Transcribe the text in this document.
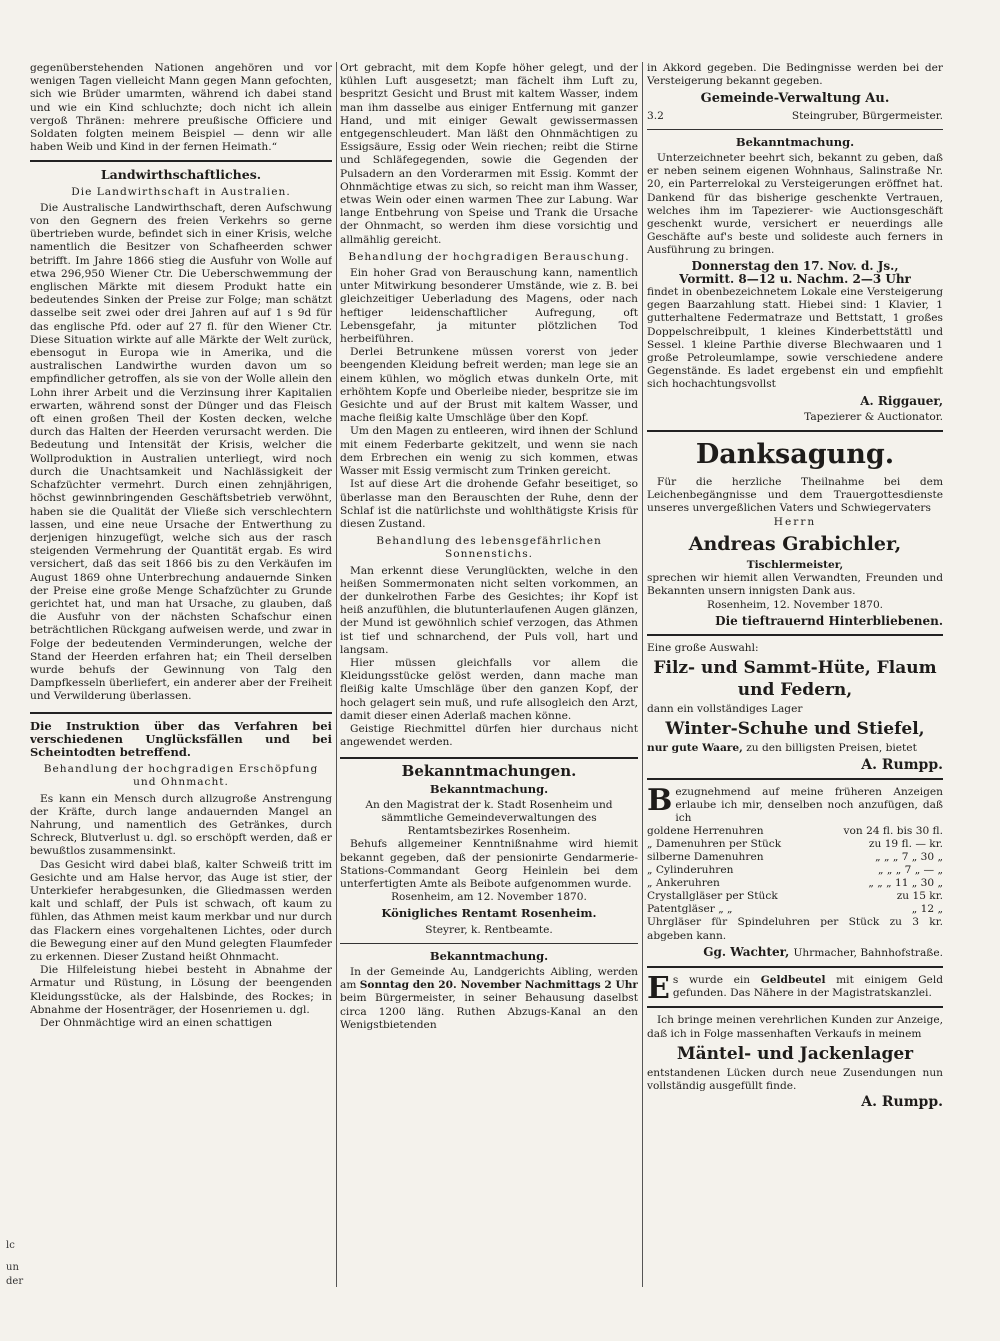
lc
un
der

gegenüberstehenden Nationen angehören und vor wenigen Tagen vielleicht Mann gegen Mann gefochten, sich wie Brüder umarmten, während ich dabei stand und wie ein Kind schluchzte; doch nicht ich allein vergoß Thränen: mehrere preußische Officiere und Soldaten folgten meinem Beispiel — denn wir alle haben Weib und Kind in der fernen Heimath.“

Landwirthschaftliches.
Die Landwirthschaft in Australien.

Die Australische Landwirthschaft, deren Aufschwung von den Gegnern des freien Verkehrs so gerne übertrieben wurde, befindet sich in einer Krisis, welche namentlich die Besitzer von Schafheerden schwer betrifft. Im Jahre 1866 stieg die Ausfuhr von Wolle auf etwa 296,950 Wiener Ctr. Die Ueberschwemmung der englischen Märkte mit diesem Produkt hatte ein bedeutendes Sinken der Preise zur Folge; man schätzt dasselbe seit zwei oder drei Jahren auf auf 1 s 9d für das englische Pfd. oder auf 27 fl. für den Wiener Ctr. Diese Situation wirkte auf alle Märkte der Welt zurück, ebensogut in Europa wie in Amerika, und die australischen Landwirthe wurden davon um so empfindlicher getroffen, als sie von der Wolle allein den Lohn ihrer Arbeit und die Verzinsung ihrer Kapitalien erwarten, während sonst der Dünger und das Fleisch oft einen großen Theil der Kosten decken, welche durch das Halten der Heerden verursacht werden. Die Bedeutung und Intensität der Krisis, welcher die Wollproduktion in Australien unterliegt, wird noch durch die Unachtsamkeit und Nachlässigkeit der Schafzüchter vermehrt. Durch einen zehnjährigen, höchst gewinnbringenden Geschäftsbetrieb verwöhnt, haben sie die Qualität der Vließe sich verschlechtern lassen, und eine neue Ursache der Entwerthung zu derjenigen hinzugefügt, welche sich aus der rasch steigenden Vermehrung der Quantität ergab. Es wird versichert, daß das seit 1866 bis zu den Verkäufen im August 1869 ohne Unterbrechung andauernde Sinken der Preise eine große Menge Schafzüchter zu Grunde gerichtet hat, und man hat Ursache, zu glauben, daß die Ausfuhr von der nächsten Schafschur einen beträchtlichen Rückgang aufweisen werde, und zwar in Folge der bedeutenden Verminderungen, welche der Stand der Heerden erfahren hat; ein Theil derselben wurde behufs der Gewinnung von Talg den Dampfkesseln überliefert, ein anderer aber der Freiheit und Verwilderung überlassen.

Die Instruktion über das Verfahren bei verschiedenen Unglücksfällen und bei Scheintodten betreffend.
Behandlung der hochgradigen Erschöpfung und Ohnmacht.

Es kann ein Mensch durch allzugroße Anstrengung der Kräfte, durch lange andauernden Mangel an Nahrung, und namentlich des Getränkes, durch Schreck, Blutverlust u. dgl. so erschöpft werden, daß er bewußtlos zusammensinkt.

Das Gesicht wird dabei blaß, kalter Schweiß tritt im Gesichte und am Halse hervor, das Auge ist stier, der Unterkiefer herabgesunken, die Gliedmassen werden kalt und schlaff, der Puls ist schwach, oft kaum zu fühlen, das Athmen meist kaum merkbar und nur durch das Flackern eines vorgehaltenen Lichtes, oder durch die Bewegung einer auf den Mund gelegten Flaumfeder zu erkennen. Dieser Zustand heißt Ohnmacht.

Die Hilfeleistung hiebei besteht in Abnahme der Armatur und Rüstung, in Lösung der beengenden Kleidungsstücke, als der Halsbinde, des Rockes; in Abnahme der Hosenträger, der Hosenriemen u. dgl.

Der Ohnmächtige wird an einen schattigen

Ort gebracht, mit dem Kopfe höher gelegt, und der kühlen Luft ausgesetzt; man fächelt ihm Luft zu, bespritzt Gesicht und Brust mit kaltem Wasser, indem man ihm dasselbe aus einiger Entfernung mit ganzer Hand, und mit einiger Gewalt gewissermassen entgegenschleudert. Man läßt den Ohnmächtigen zu Essigsäure, Essig oder Wein riechen; reibt die Stirne und Schläfegegenden, sowie die Gegenden der Pulsadern an den Vorderarmen mit Essig. Kommt der Ohnmächtige etwas zu sich, so reicht man ihm Wasser, etwas Wein oder einen warmen Thee zur Labung. War lange Entbehrung von Speise und Trank die Ursache der Ohnmacht, so werden ihm diese vorsichtig und allmählig gereicht.

Behandlung der hochgradigen Berauschung.

Ein hoher Grad von Berauschung kann, namentlich unter Mitwirkung besonderer Umstände, wie z. B. bei gleichzeitiger Ueberladung des Magens, oder nach heftiger leidenschaftlicher Aufregung, oft Lebensgefahr, ja mitunter plötzlichen Tod herbeiführen.

Derlei Betrunkene müssen vorerst von jeder beengenden Kleidung befreit werden; man lege sie an einem kühlen, wo möglich etwas dunkeln Orte, mit erhöhtem Kopfe und Oberleibe nieder, bespritze sie im Gesichte und auf der Brust mit kaltem Wasser, und mache fleißig kalte Umschläge über den Kopf.

Um den Magen zu entleeren, wird ihnen der Schlund mit einem Federbarte gekitzelt, und wenn sie nach dem Erbrechen ein wenig zu sich kommen, etwas Wasser mit Essig vermischt zum Trinken gereicht.

Ist auf diese Art die drohende Gefahr beseitiget, so überlasse man den Berauschten der Ruhe, denn der Schlaf ist die natürlichste und wohlthätigste Krisis für diesen Zustand.

Behandlung des lebensgefährlichen Sonnenstichs.

Man erkennt diese Verunglückten, welche in den heißen Sommermonaten nicht selten vorkommen, an der dunkelrothen Farbe des Gesichtes; ihr Kopf ist heiß anzufühlen, die blutunterlaufenen Augen glänzen, der Mund ist gewöhnlich schief verzogen, das Athmen ist tief und schnarchend, der Puls voll, hart und langsam.

Hier müssen gleichfalls vor allem die Kleidungsstücke gelöst werden, dann mache man fleißig kalte Umschläge über den ganzen Kopf, der hoch gelagert sein muß, und rufe allsogleich den Arzt, damit dieser einen Aderlaß machen könne.

Geistige Riechmittel dürfen hier durchaus nicht angewendet werden.

Bekanntmachungen.
Bekanntmachung.

An den Magistrat der k. Stadt Rosenheim und sämmtliche Gemeindeverwaltungen des Rentamtsbezirkes Rosenheim.

Behufs allgemeiner Kenntnißnahme wird hiemit bekannt gegeben, daß der pensionirte Gendarmerie-Stations-Commandant Georg Heinlein bei dem unterfertigten Amte als Beibote aufgenommen wurde.

Rosenheim, am 12. November 1870.

Königliches Rentamt Rosenheim.

Steyrer, k. Rentbeamte.

Bekanntmachung.

In der Gemeinde Au, Landgerichts Aibling, werden am Sonntag den 20. November Nachmittags 2 Uhr beim Bürgermeister, in seiner Behausung daselbst circa 1200 läng. Ruthen Abzugs-Kanal an den Wenigstbietenden

in Akkord gegeben. Die Bedingnisse werden bei der Versteigerung bekannt gegeben.

Gemeinde-Verwaltung Au.
3.2	Steingruber, Bürgermeister.
Bekanntmachung.

Unterzeichneter beehrt sich, bekannt zu geben, daß er neben seinem eigenen Wohnhaus, Salinstraße Nr. 20, ein Parterrelokal zu Versteigerungen eröffnet hat. Dankend für das bisherige geschenkte Vertrauen, welches ihm im Tapezierer- wie Auctionsgeschäft geschenkt wurde, versichert er neuerdings alle Geschäfte auf's beste und solideste auch ferners in Ausführung zu bringen.

Donnerstag den 17. Nov. d. Js.,
Vormitt. 8—12 u. Nachm. 2—3 Uhr

findet in obenbezeichnetem Lokale eine Versteigerung gegen Baarzahlung statt. Hiebei sind: 1 Klavier, 1 gutterhaltene Federmatraze und Bettstatt, 1 großes Doppelschreibpult, 1 kleines Kinderbettstättl und Sessel. 1 kleine Parthie diverse Blechwaaren und 1 große Petroleumlampe, sowie verschiedene andere Gegenstände. Es ladet ergebenst ein und empfiehlt sich hochachtungsvollst

A. Riggauer,
Tapezierer & Auctionator.
Danksagung.

Für die herzliche Theilnahme bei dem Leichenbegängnisse und dem Trauergottesdienste unseres unvergeßlichen Vaters und Schwiegervaters

Herrn
Andreas Grabichler,
Tischlermeister,

sprechen wir hiemit allen Verwandten, Freunden und Bekannten unsern innigsten Dank aus.

Rosenheim, 12. November 1870.

Die tieftrauernd Hinterbliebenen.

Eine große Auswahl:

Filz- und Sammt-Hüte, Flaum und Federn,

dann ein vollständiges Lager

Winter-Schuhe und Stiefel,

nur gute Waare, zu den billigsten Preisen, bietet

A. Rumpp.
B ezugnehmend auf meine früheren Anzeigen erlaube ich mir, denselben noch anzufügen, daß ich

goldene Herrenuhren	von 24 fl. bis 30 fl.
„ Damenuhren per Stück	zu 19 fl. — kr.
silberne Damenuhren	„ „ „ 7 „ 30 „
„ Cylinderuhren	„ „ „ 7 „ — „
„ Ankeruhren	„ „ „ 11 „ 30 „
Crystallgläser per Stück	zu 15 kr.
Patentgläser „ „	„ 12 „

Uhrgläser für Spindeluhren per Stück zu 3 kr. abgeben kann.

Gg. Wachter, Uhrmacher, Bahnhofstraße.
E s wurde ein Geldbeutel mit einigem Geld gefunden. Das Nähere in der Magistratskanzlei.

Ich bringe meinen verehrlichen Kunden zur Anzeige, daß ich in Folge massenhaften Verkaufs in meinem

Mäntel- und Jackenlager

entstandenen Lücken durch neue Zusendungen nun vollständig ausgefüllt finde.

A. Rumpp.
